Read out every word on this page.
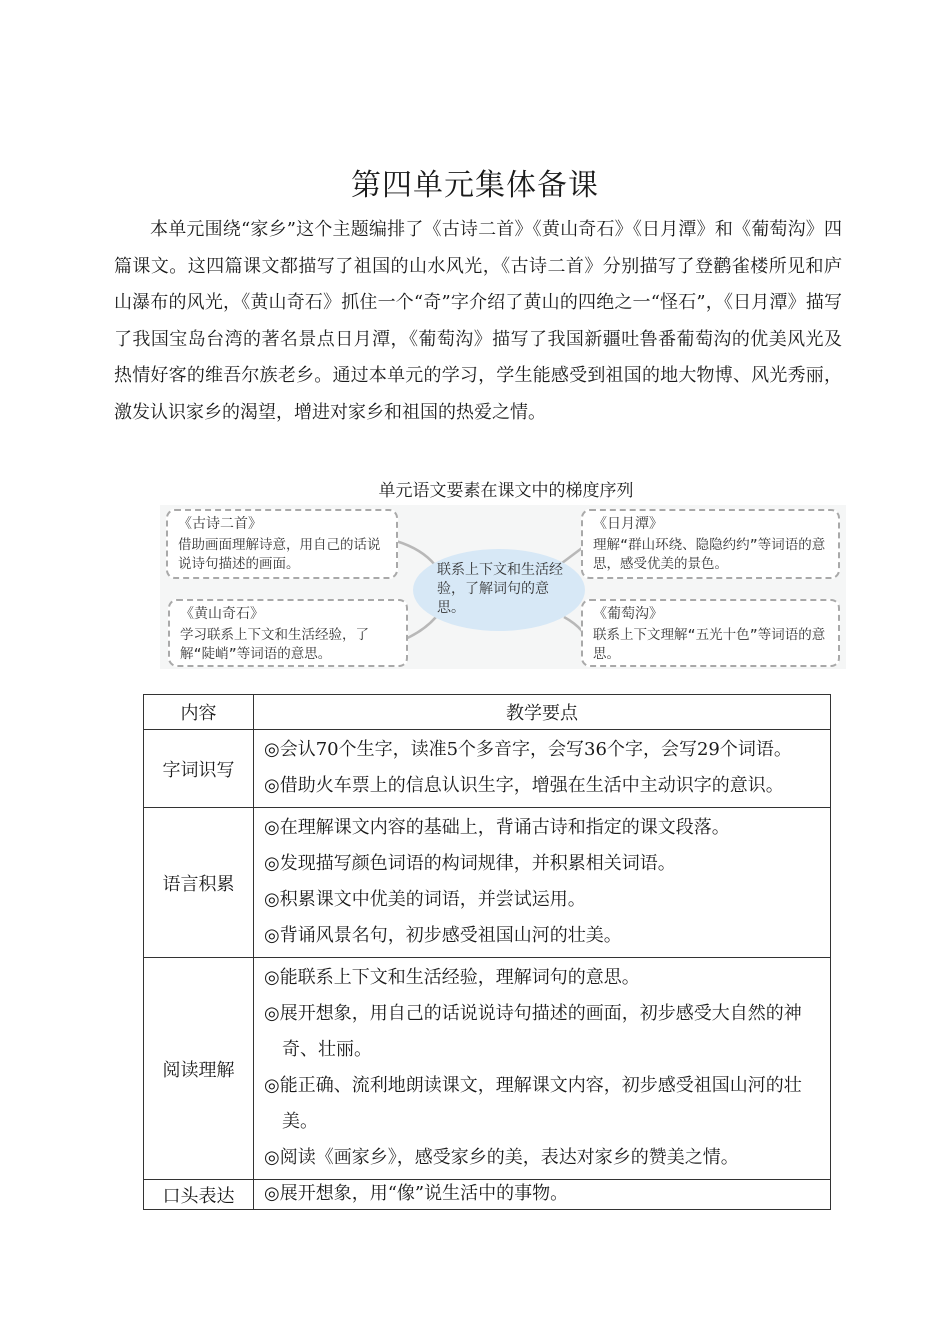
第四单元集体备课

本单元围绕“家乡”这个主题编排了《古诗二首》《黄山奇石》《日月潭》和《葡萄沟》四篇课文。这四篇课文都描写了祖国的山水风光，《古诗二首》分别描写了登鹳雀楼所见和庐山瀑布的风光，《黄山奇石》抓住一个“奇”字介绍了黄山的四绝之一“怪石”，《日月潭》描写了我国宝岛台湾的著名景点日月潭，《葡萄沟》描写了我国新疆吐鲁番葡萄沟的优美风光及热情好客的维吾尔族老乡。通过本单元的学习，学生能感受到祖国的地大物博、风光秀丽，激发认识家乡的渴望，增进对家乡和祖国的热爱之情。

单元语文要素在课文中的梯度序列
《古诗二首》
借助画面理解诗意，用自己的话说说诗句描述的画面。
《黄山奇石》
学习联系上下文和生活经验，了解“陡峭”等词语的意思。
联系上下文和生活经验，了解词句的意思。
《日月潭》
理解“群山环绕、隐隐约约”等词语的意思，感受优美的景色。
《葡萄沟》
联系上下文理解“五光十色”等词语的意思。
内容	教学要点
字词识写	◎会认70个生字，读准5个多音字，会写36个字，会写29个词语。
◎借助火车票上的信息认识生字，增强在生活中主动识字的意识。

语言积累	◎在理解课文内容的基础上，背诵古诗和指定的课文段落。
◎发现描写颜色词语的构词规律，并积累相关词语。
◎积累课文中优美的词语，并尝试运用。
◎背诵风景名句，初步感受祖国山河的壮美。

阅读理解	◎能联系上下文和生活经验，理解词句的意思。
◎展开想象，用自己的话说说诗句描述的画面，初步感受大自然的神奇、壮丽。
◎能正确、流利地朗读课文，理解课文内容，初步感受祖国山河的壮美。
◎阅读《画家乡》，感受家乡的美，表达对家乡的赞美之情。

口头表达	◎展开想象，用“像”说生活中的事物。
